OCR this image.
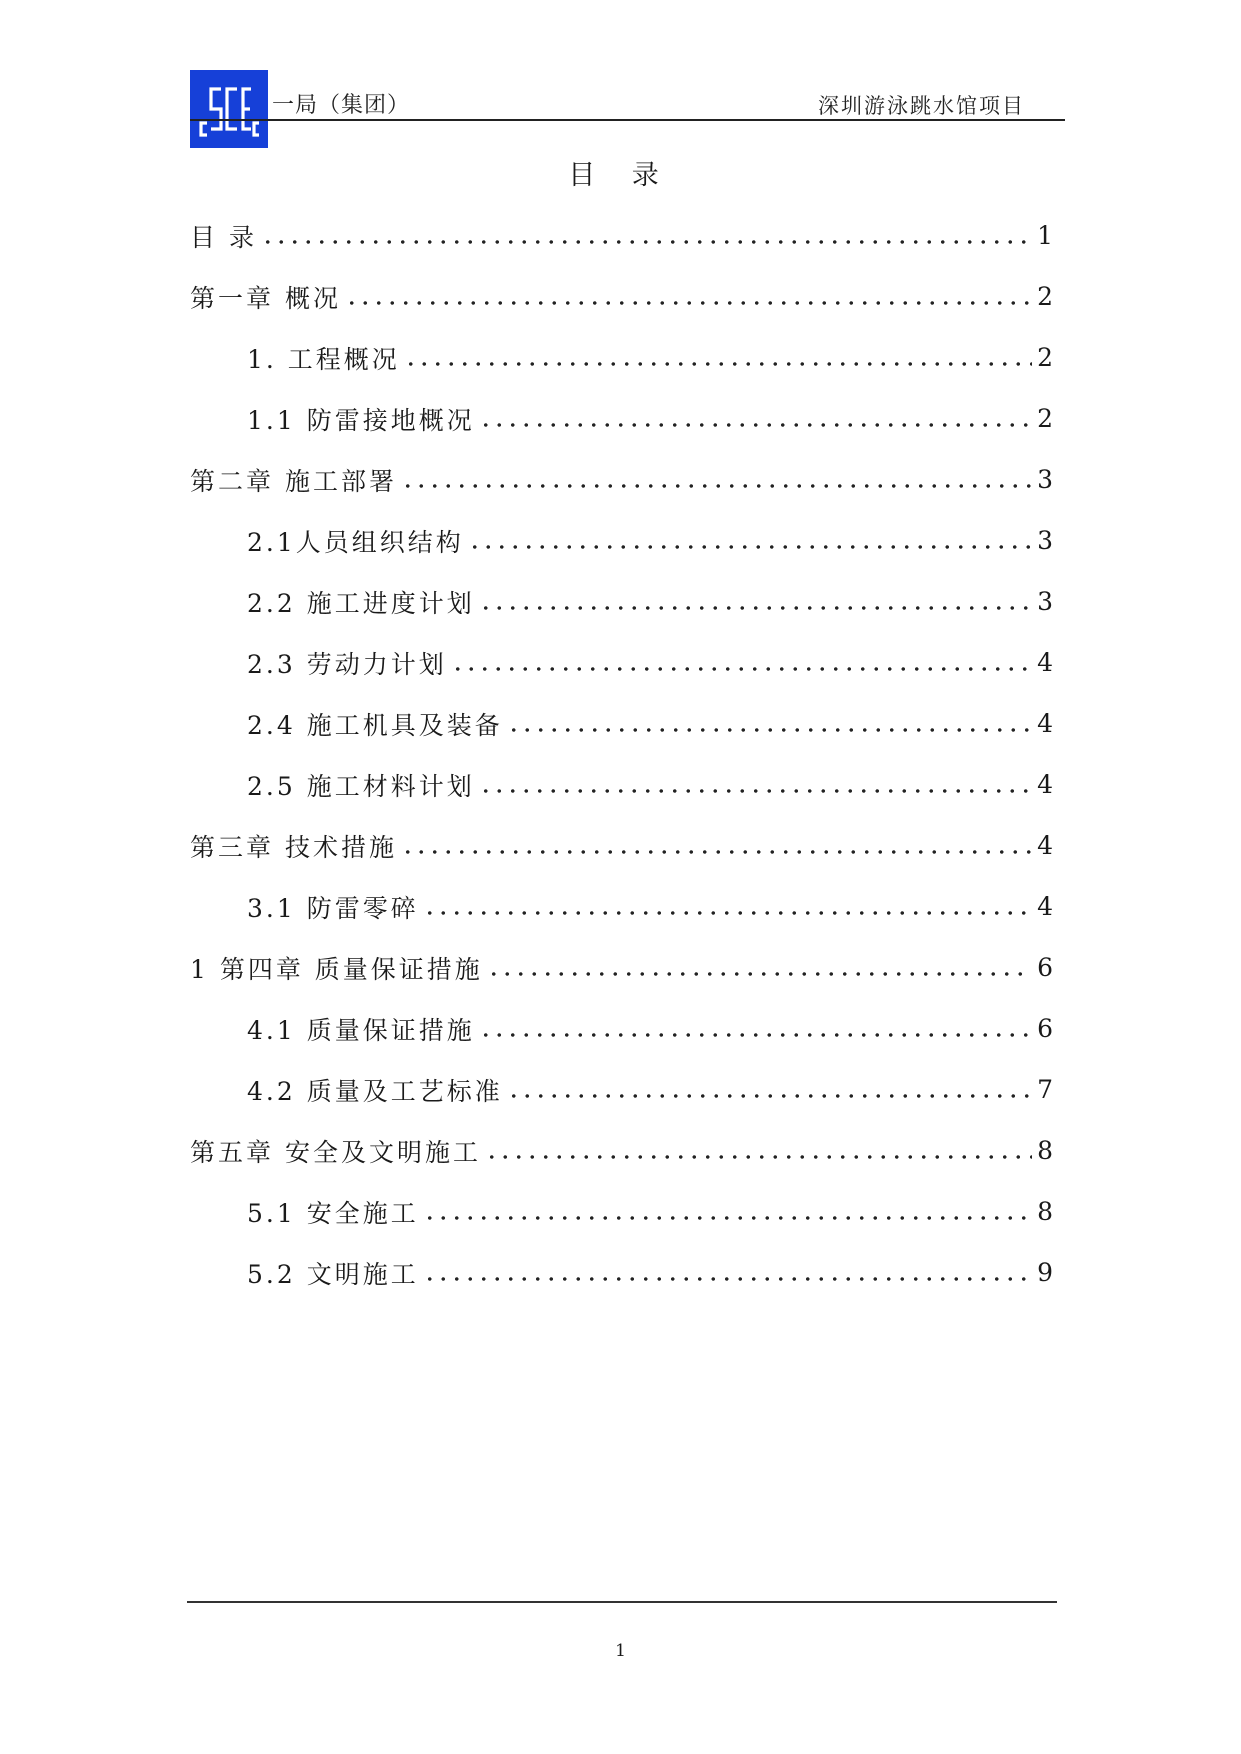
一局（集团）	深圳游泳跳水馆项目
目 录
目 录	1
第一章 概况	2
1. 工程概况	2
1.1 防雷接地概况	2
第二章 施工部署	3
2.1人员组织结构	3
2.2 施工进度计划	3
2.3 劳动力计划	4
2.4 施工机具及装备	4
2.5 施工材料计划	4
第三章 技术措施	4
3.1 防雷零碎	4
1 第四章 质量保证措施	6
4.1 质量保证措施	6
4.2 质量及工艺标准	7
第五章 安全及文明施工	8
5.1 安全施工	8
5.2 文明施工	9
1
